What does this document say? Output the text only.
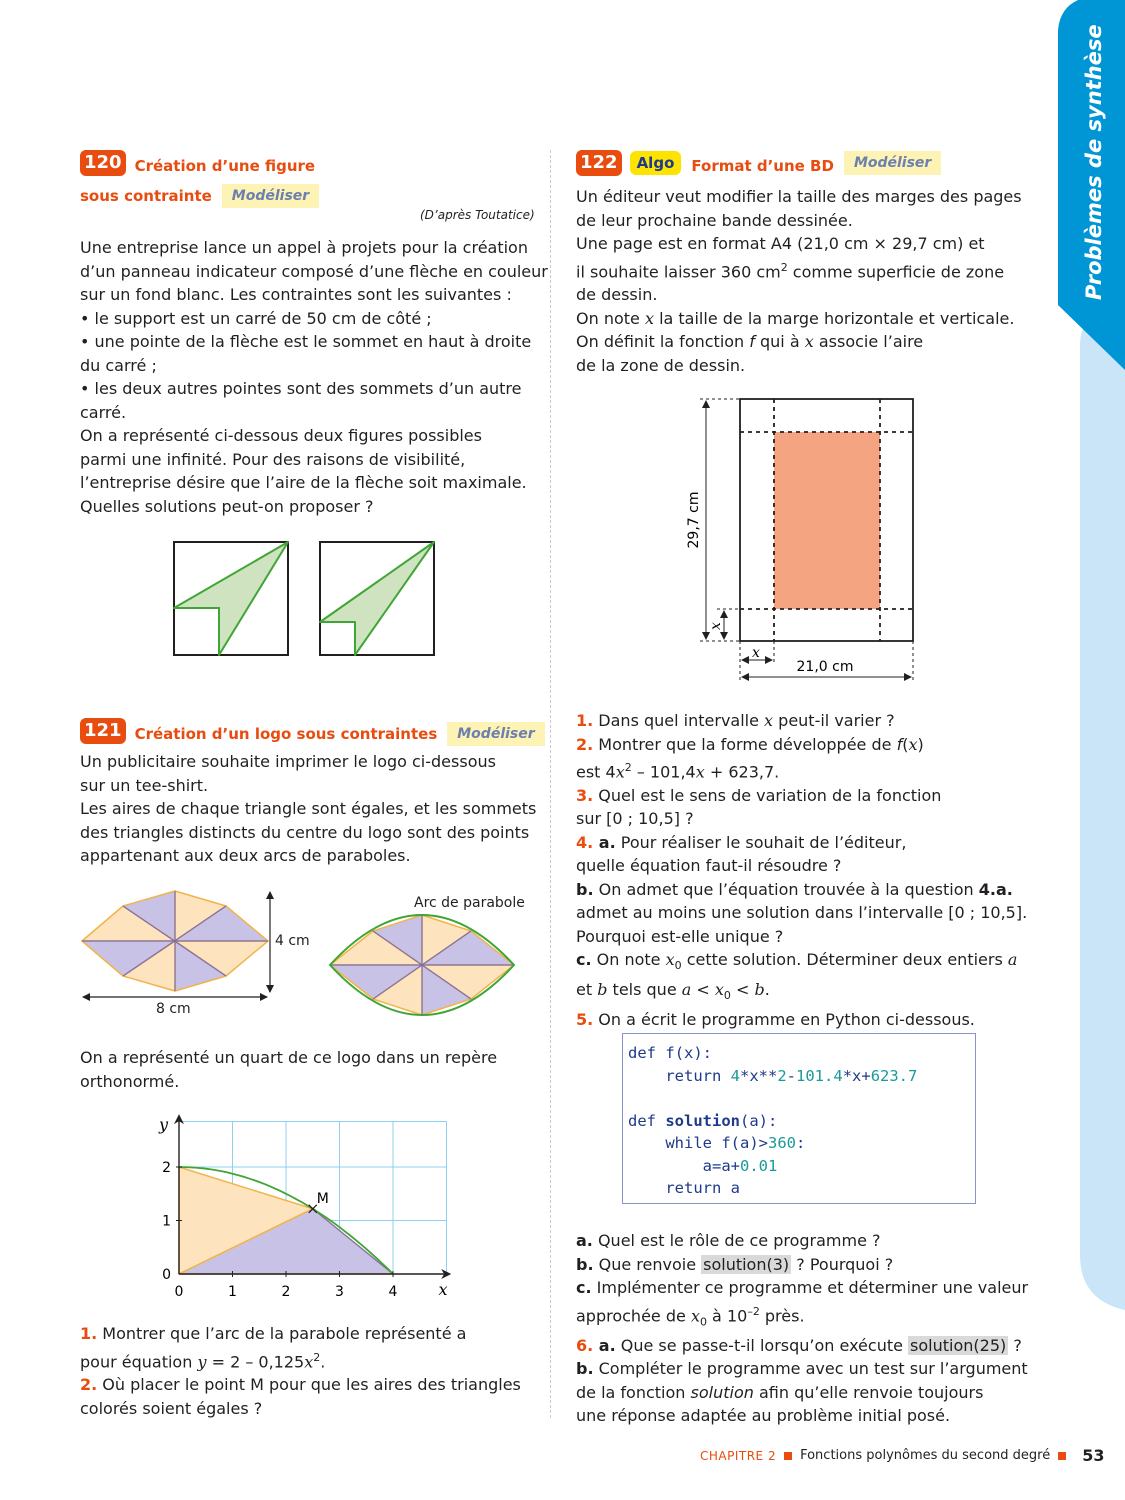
Problèmes de synthèse
120 Création d’une figure
sous contrainte	Modéliser
(D’après Toutatice)

Une entreprise lance un appel à projets pour la création

d’un panneau indicateur composé d’une flèche en couleur

sur un fond blanc. Les contraintes sont les suivantes :

• le support est un carré de 50 cm de côté ;

• une pointe de la flèche est le sommet en haut à droite

du carré ;

• les deux autres pointes sont des sommets d’un autre

carré.

On a représenté ci-dessous deux figures possibles

parmi une infinité. Pour des raisons de visibilité,

l’entreprise désire que l’aire de la flèche soit maximale.

Quelles solutions peut-on proposer ?

121 Création d’un logo sous contraintes	Modéliser

Un publicitaire souhaite imprimer le logo ci-dessous

sur un tee-shirt.

Les aires de chaque triangle sont égales, et les sommets

des triangles distincts du centre du logo sont des points

appartenant aux deux arcs de paraboles.

4 cm
8 cm
Arc de parabole

On a représenté un quart de ce logo dans un repère

orthonormé.

0	1	2	3	4
0
1
2
x
y
M

1. Montrer que l’arc de la parabole représenté a

pour équation $y = 2 - 0,125x^2$.

2. Où placer le point M pour que les aires des triangles

colorés soient égales ?

122	Algo	Format d’une BD	Modéliser

Un éditeur veut modifier la taille des marges des pages

de leur prochaine bande dessinée.

Une page est en format A4 (21,0 cm × 29,7 cm) et

il souhaite laisser 360 $cm^2$ comme superficie de zone

de dessin.

On note x la taille de la marge horizontale et verticale.

On définit la fonction f qui à x associe l’aire

de la zone de dessin.

29,7 cm
x
x
21,0 cm

1. Dans quel intervalle x peut-il varier ?

2. Montrer que la forme développée de f(x)

est $4x^2 - 101,4x + 623,7$.

3. Quel est le sens de variation de la fonction

sur [0 ; 10,5] ?

4. a. Pour réaliser le souhait de l’éditeur,

quelle équation faut-il résoudre ?

b. On admet que l’équation trouvée à la question 4.a.

admet au moins une solution dans l’intervalle [0 ; 10,5].

Pourquoi est-elle unique ?

c. On note $x_0$ cette solution. Déterminer deux entiers a

et b tels que $a < x_0 < b$.

5. On a écrit le programme en Python ci-dessous.

def f(x):
return 4*x**2-101.4*x+623.7

def solution(a):
while f(a)>360:
a=a+0.01
return a

a. Quel est le rôle de ce programme ?

b. Que renvoie solution(3) ? Pourquoi ?

c. Implémenter ce programme et déterminer une valeur

approchée de $x_0$ à $10^{-2}$ près.

6. a. Que se passe-t-il lorsqu’on exécute solution(25) ?

b. Compléter le programme avec un test sur l’argument

de la fonction solution afin qu’elle renvoie toujours

une réponse adaptée au problème initial posé.

CHAPITRE 2 Fonctions polynômes du second degré 53
